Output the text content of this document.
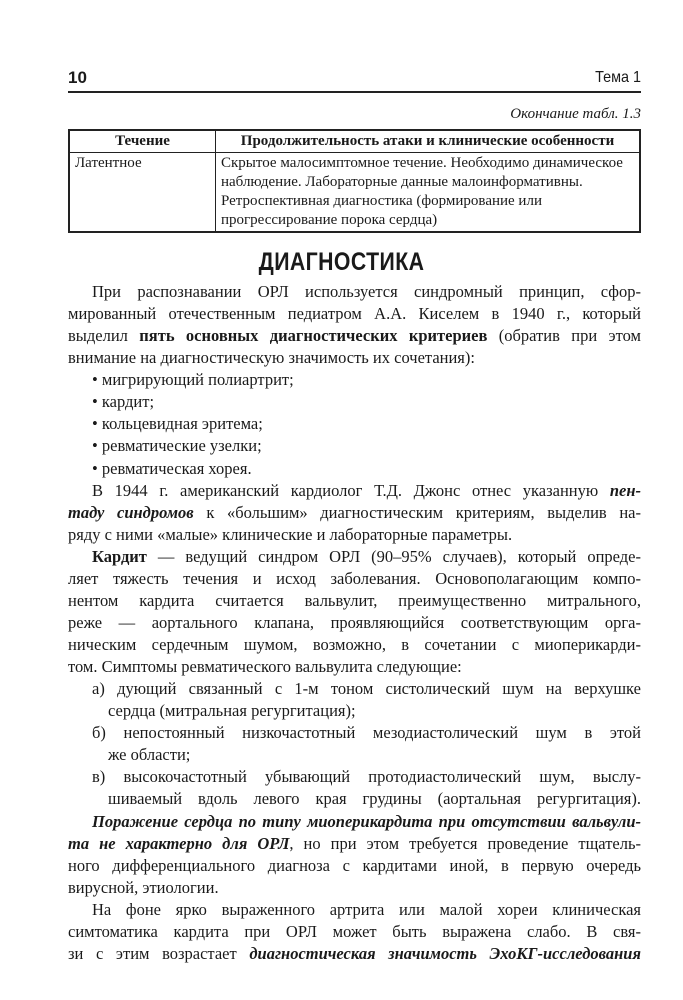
10	Тема 1
Окончание табл. 1.3
Течение	Продолжительность атаки и клинические особенности
Латентное	Скрытое малосимптомное течение. Необходимо динамическое наблюдение. Лабораторные данные малоинформативны. Ретроспективная диагностика (формирование или прогрессирование порока сердца)
ДИАГНОСТИКА
При распознавании ОРЛ используется синдромный принцип, сфор-
мированный отечественным педиатром А.А. Киселем в 1940 г., который
выделил пять основных диагностических критериев (обратив при этом
внимание на диагностическую значимость их сочетания):
• мигрирующий полиартрит;
• кардит;
• кольцевидная эритема;
• ревматические узелки;
• ревматическая хорея.
В 1944 г. американский кардиолог Т.Д. Джонс отнес указанную пен-
таду синдромов к «большим» диагностическим критериям, выделив на-
ряду с ними «малые» клинические и лабораторные параметры.
Кардит — ведущий синдром ОРЛ (90–95% случаев), который опреде-
ляет тяжесть течения и исход заболевания. Основополагающим компо-
нентом кардита считается вальвулит, преимущественно митрального,
реже — аортального клапана, проявляющийся соответствующим орга-
ническим сердечным шумом, возможно, в сочетании с миоперикарди-
том. Симптомы ревматического вальвулита следующие:
а) дующий связанный с 1-м тоном систолический шум на верхушке
сердца (митральная регургитация);
б) непостоянный низкочастотный мезодиастолический шум в этой
же области;
в) высокочастотный убывающий протодиастолический шум, выслу-
шиваемый вдоль левого края грудины (аортальная регургитация).
Поражение сердца по типу миоперикардита при отсутствии вальвули-
та не характерно для ОРЛ, но при этом требуется проведение тщатель-
ного дифференциального диагноза с кардитами иной, в первую очередь
вирусной, этиологии.
На фоне ярко выраженного артрита или малой хореи клиническая
симтоматика кардита при ОРЛ может быть выражена слабо. В свя-
зи с этим возрастает диагностическая значимость ЭхоКГ-исследования
